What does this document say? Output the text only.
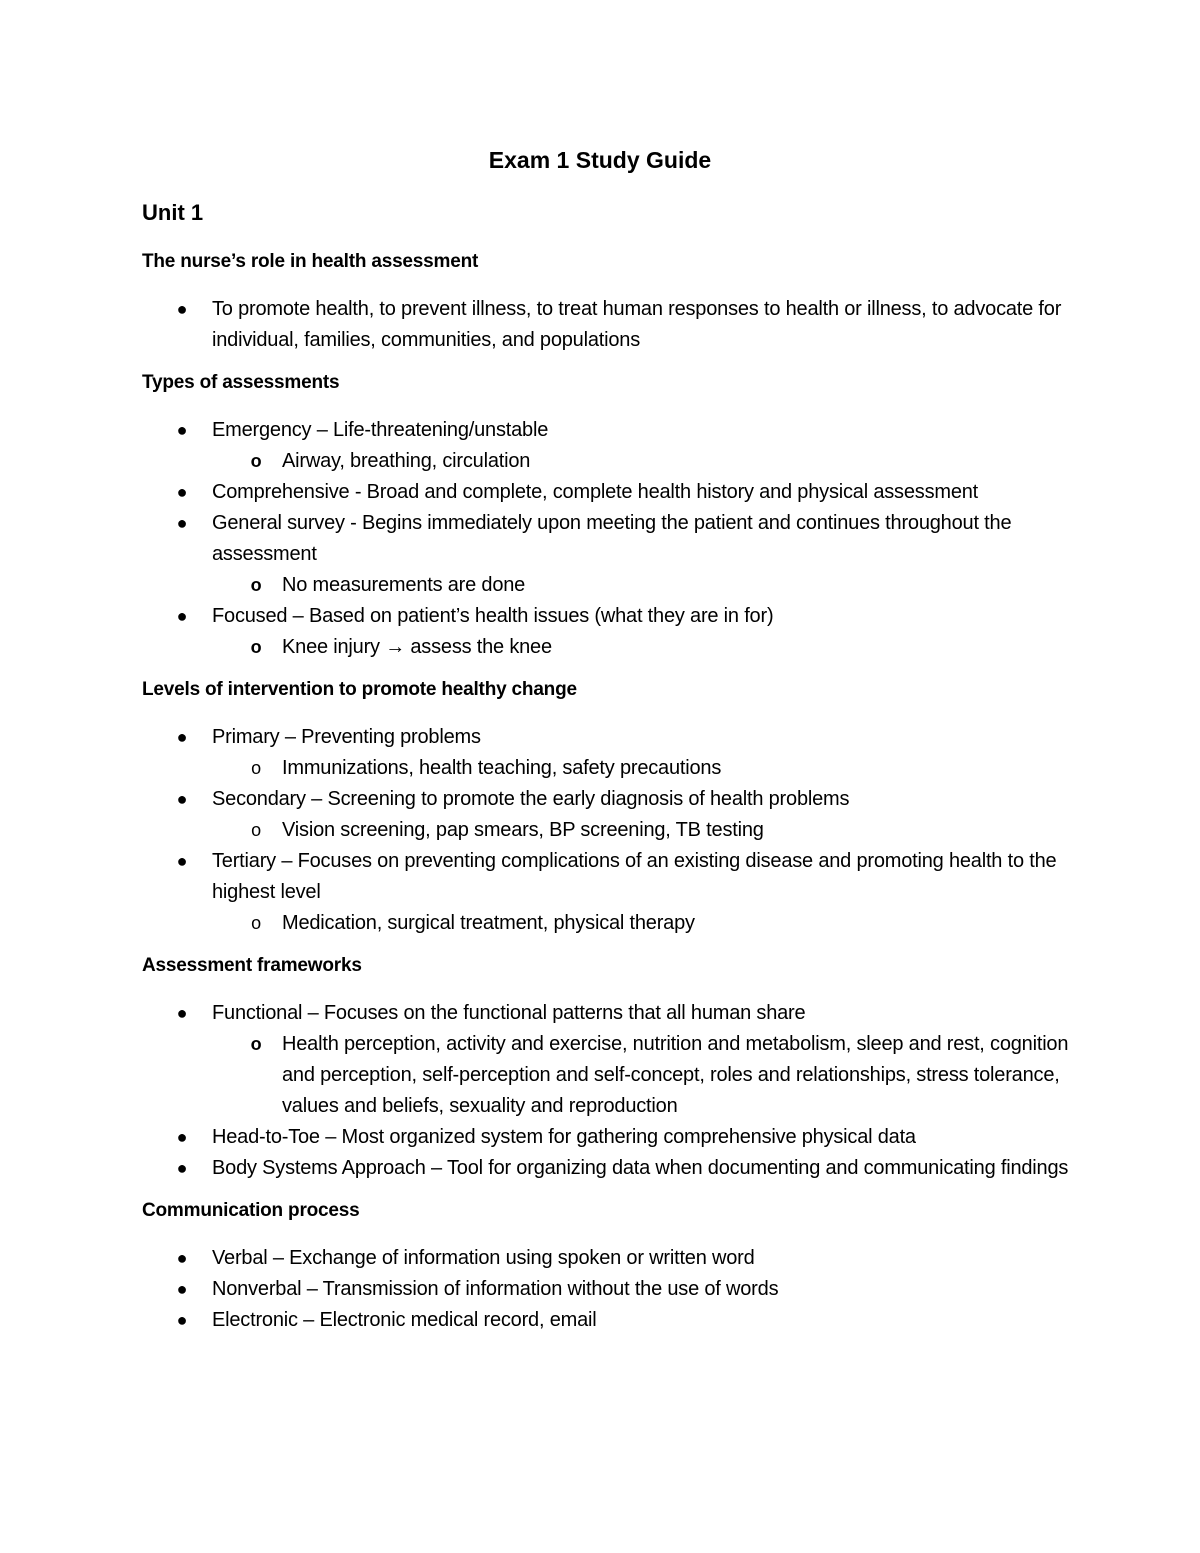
Exam 1 Study Guide
Unit 1
The nurse’s role in health assessment
● To promote health, to prevent illness, to treat human responses to health or illness, to advocate for individual, families, communities, and populations
Types of assessments
● Emergency – Life-threatening/unstable
o Airway, breathing, circulation
● Comprehensive - Broad and complete, complete health history and physical assessment
● General survey - Begins immediately upon meeting the patient and continues throughout the assessment
o No measurements are done
● Focused – Based on patient’s health issues (what they are in for)
o Knee injury → assess the knee
Levels of intervention to promote healthy change
● Primary – Preventing problems
o Immunizations, health teaching, safety precautions
● Secondary – Screening to promote the early diagnosis of health problems
o Vision screening, pap smears, BP screening, TB testing
● Tertiary – Focuses on preventing complications of an existing disease and promoting health to the highest level
o Medication, surgical treatment, physical therapy
Assessment frameworks
● Functional – Focuses on the functional patterns that all human share
o Health perception, activity and exercise, nutrition and metabolism, sleep and rest, cognition and perception, self-perception and self-concept, roles and relationships, stress tolerance, values and beliefs, sexuality and reproduction
● Head-to-Toe – Most organized system for gathering comprehensive physical data
● Body Systems Approach – Tool for organizing data when documenting and communicating findings
Communication process
● Verbal – Exchange of information using spoken or written word
● Nonverbal – Transmission of information without the use of words
● Electronic – Electronic medical record, email
